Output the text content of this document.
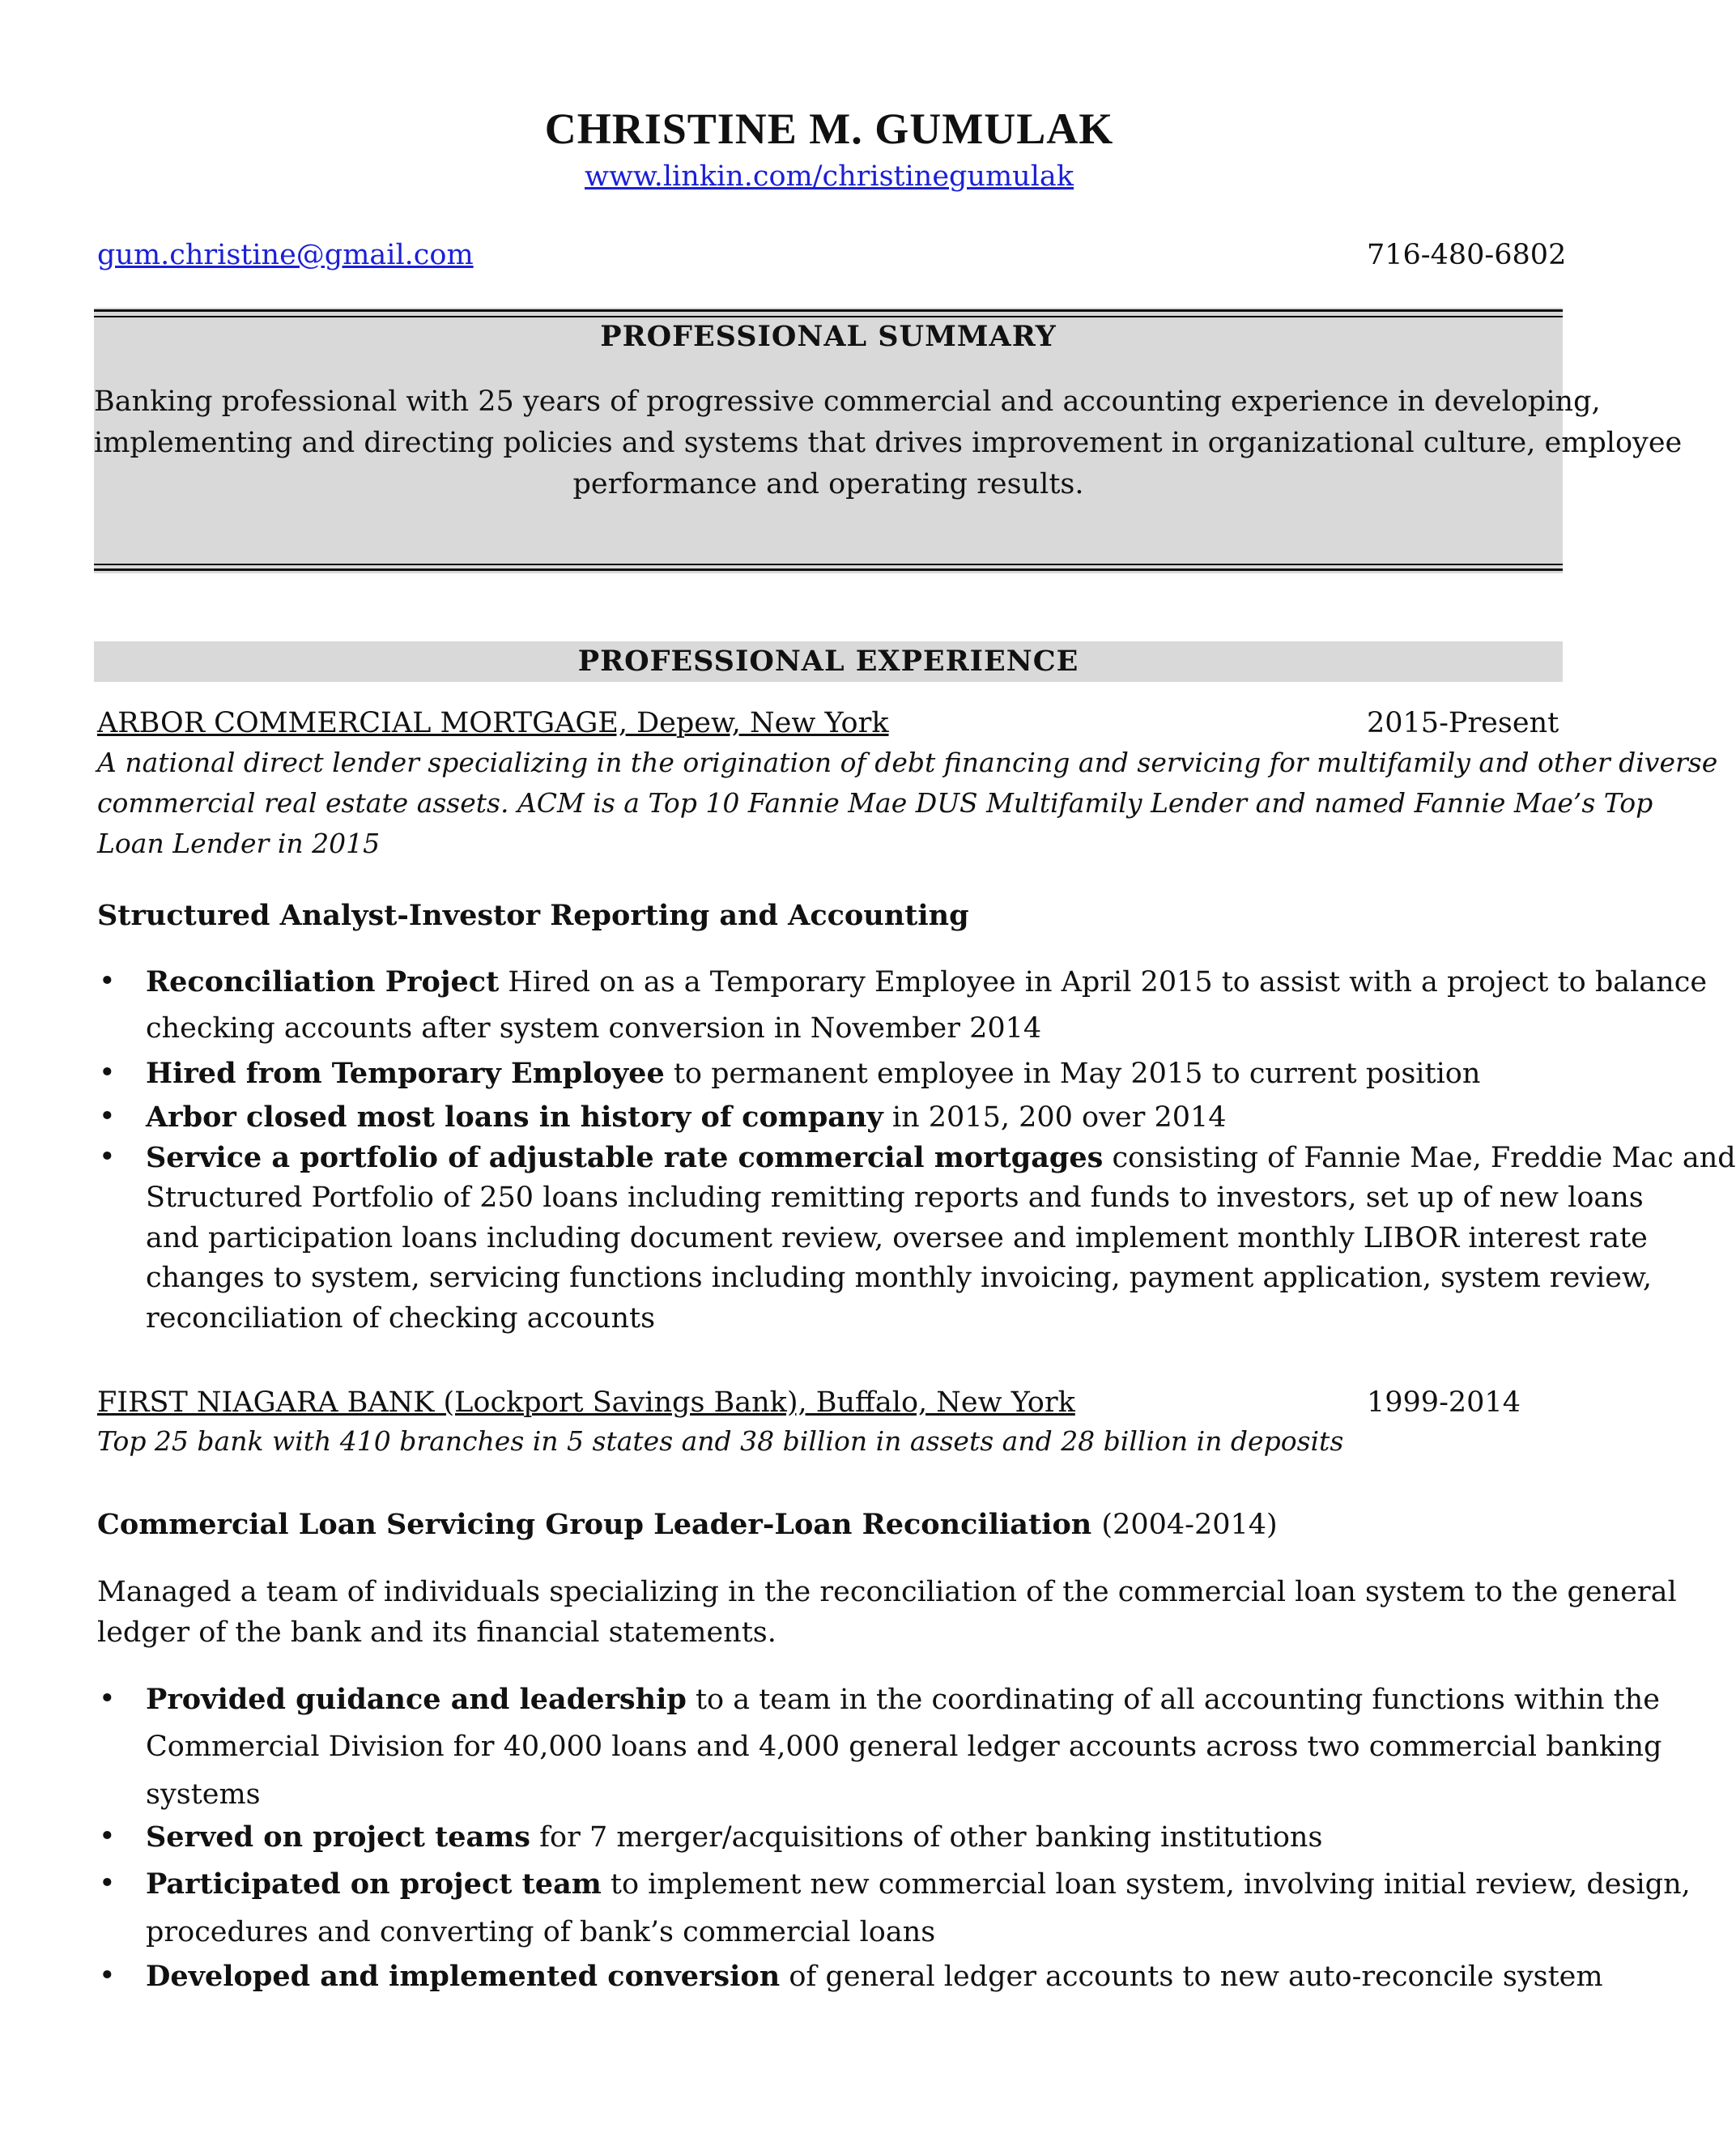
CHRISTINE M. GUMULAK
www.linkin.com/christinegumulak
gum.christine@gmail.com	716-480-6802
PROFESSIONAL SUMMARY
Banking professional with 25 years of progressive commercial and accounting experience in developing,
implementing and directing policies and systems that drives improvement in organizational culture, employee
performance and operating results.
PROFESSIONAL EXPERIENCE
ARBOR COMMERCIAL MORTGAGE, Depew, New York	2015-Present
A national direct lender specializing in the origination of debt financing and servicing for multifamily and other diverse
commercial real estate assets. ACM is a Top 10 Fannie Mae DUS Multifamily Lender and named Fannie Mae’s Top
Loan Lender in 2015
Structured Analyst-Investor Reporting and Accounting
• Reconciliation Project Hired on as a Temporary Employee in April 2015 to assist with a project to balance
checking accounts after system conversion in November 2014
• Hired from Temporary Employee to permanent employee in May 2015 to current position
• Arbor closed most loans in history of company in 2015, 200 over 2014
• Service a portfolio of adjustable rate commercial mortgages consisting of Fannie Mae, Freddie Mac and
Structured Portfolio of 250 loans including remitting reports and funds to investors, set up of new loans
and participation loans including document review, oversee and implement monthly LIBOR interest rate
changes to system, servicing functions including monthly invoicing, payment application, system review,
reconciliation of checking accounts
FIRST NIAGARA BANK (Lockport Savings Bank), Buffalo, New York	1999-2014
Top 25 bank with 410 branches in 5 states and 38 billion in assets and 28 billion in deposits
Commercial Loan Servicing Group Leader-Loan Reconciliation (2004-2014)
Managed a team of individuals specializing in the reconciliation of the commercial loan system to the general
ledger of the bank and its financial statements.
• Provided guidance and leadership to a team in the coordinating of all accounting functions within the
Commercial Division for 40,000 loans and 4,000 general ledger accounts across two commercial banking
systems
• Served on project teams for 7 merger/acquisitions of other banking institutions
• Participated on project team to implement new commercial loan system, involving initial review, design,
procedures and converting of bank’s commercial loans
• Developed and implemented conversion of general ledger accounts to new auto-reconcile system
